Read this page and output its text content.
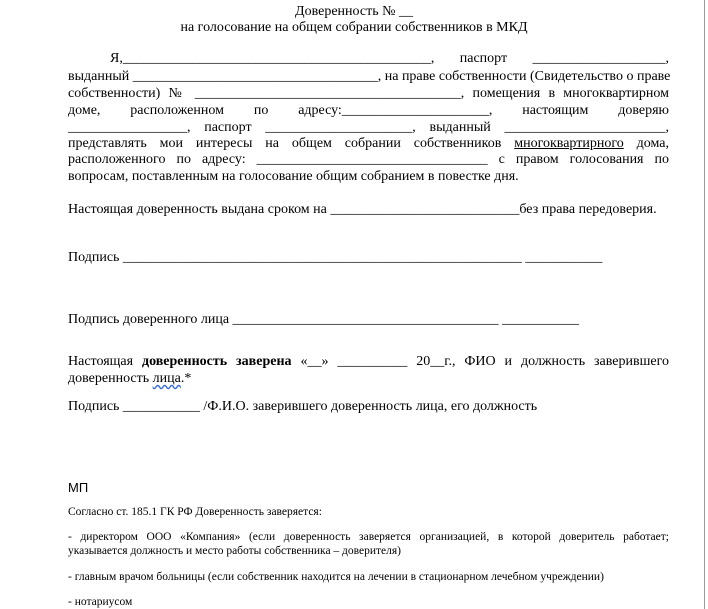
Доверенность № __
на голосование на общем собрании собственников в МКД
Я,____________________________________________, паспорт ___________________,
выданный ___________________________________, на праве собственности (Свидетельство о праве
собственности) № ______________________________________, помещения в многоквартирном
доме, расположенном по адресу:_____________________, настоящим доверяю
_________________, паспорт _____________________, выданный _______________________,
представлять мои интересы на общем собрании собственников многоквартирного дома,
расположенного по адресу: _________________________________ с правом голосования по
вопросам, поставленным на голосование общим собранием в повестке дня.
Настоящая доверенность выдана сроком на ___________________________без права передоверия.
Подпись _________________________________________________________ ___________
Подпись доверенного лица ______________________________________ ___________
Настоящая доверенность заверена «__» __________ 20__г., ФИО и должность заверившего
доверенность лица.*
Подпись ___________ /Ф.И.О. заверившего доверенность лица, его должность
МП
Согласно ст. 185.1 ГК РФ Доверенность заверяется:
- директором ООО «Компания» (если доверенность заверяется организацией, в которой доверитель работает;
указывается должность и место работы собственника – доверителя)
- главным врачом больницы (если собственник находится на лечении в стационарном лечебном учреждении)
- нотариусом
